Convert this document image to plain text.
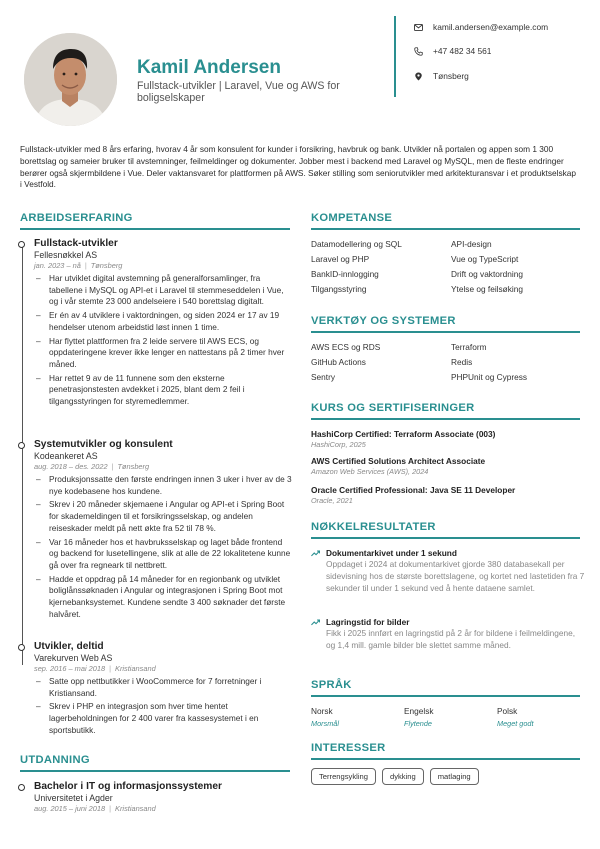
Kamil Andersen
Fullstack-utvikler | Laravel, Vue og AWS for boligselskaper
kamil.andersen@example.com
+47 482 34 561
Tønsberg
Fullstack-utvikler med 8 års erfaring, hvorav 4 år som konsulent for kunder i forsikring, havbruk og bank. Utvikler nå portalen og appen som 1 300 borettslag og sameier bruker til avstemninger, feilmeldinger og dokumenter. Jobber mest i backend med Laravel og MySQL, men de fleste endringer berører også skjermbildene i Vue. Deler vaktansvaret for plattformen på AWS. Søker stilling som seniorutvikler med arkitekturansvar i et produktselskap i Vestfold.
ARBEIDSERFARING
Fullstack-utvikler
Fellesnøkkel AS
jan. 2023 – nå | Tønsberg
– Har utviklet digital avstemning på generalforsamlinger, fra tabellene i MySQL og API-et i Laravel til stemmeseddelen i Vue, og i vår stemte 23 000 andelseiere i 540 borettslag digitalt.
– Er én av 4 utviklere i vaktordningen, og siden 2024 er 17 av 19 hendelser utenom arbeidstid løst innen 1 time.
– Har flyttet plattformen fra 2 leide servere til AWS ECS, og oppdateringene krever ikke lenger en nattestans på 2 timer hver måned.
– Har rettet 9 av de 11 funnene som den eksterne penetrasjonstesten avdekket i 2025, blant dem 2 feil i tilgangsstyringen for styremedlemmer.
Systemutvikler og konsulent
Kodeankeret AS
aug. 2018 – des. 2022 | Tønsberg
– Produksjonssatte den første endringen innen 3 uker i hver av de 3 nye kodebasene hos kundene.
– Skrev i 20 måneder skjemaene i Angular og API-et i Spring Boot for skademeldingen til et forsikringsselskap, og andelen reiseskader meldt på nett økte fra 52 til 78 %.
– Var 16 måneder hos et havbruksselskap og laget både frontend og backend for lusetellingene, slik at alle de 22 lokalitetene kunne gå over fra regneark til nettbrett.
– Hadde et oppdrag på 14 måneder for en regionbank og utviklet boliglånssøknaden i Angular og integrasjonen i Spring Boot mot kjernebanksystemet. Kundene sendte 3 400 søknader det første halvåret.
Utvikler, deltid
Varekurven Web AS
sep. 2016 – mai 2018 | Kristiansand
– Satte opp nettbutikker i WooCommerce for 7 forretninger i Kristiansand.
– Skrev i PHP en integrasjon som hver time hentet lagerbeholdningen for 2 400 varer fra kassesystemet i en sportsbutikk.
UTDANNING
Bachelor i IT og informasjonssystemer
Universitetet i Agder
aug. 2015 – juni 2018 | Kristiansand
KOMPETANSE
Datamodellering og SQL	API-design
Laravel og PHP	Vue og TypeScript
BankID-innlogging	Drift og vaktordning
Tilgangsstyring	Ytelse og feilsøking
VERKTØY OG SYSTEMER
AWS ECS og RDS	Terraform
GitHub Actions	Redis
Sentry	PHPUnit og Cypress
KURS OG SERTIFISERINGER
HashiCorp Certified: Terraform Associate (003)
HashiCorp, 2025
AWS Certified Solutions Architect Associate
Amazon Web Services (AWS), 2024
Oracle Certified Professional: Java SE 11 Developer
Oracle, 2021
NØKKELRESULTATER
Dokumentarkivet under 1 sekund
Oppdaget i 2024 at dokumentarkivet gjorde 380 databasekall per sidevisning hos de største borettslagene, og kortet ned lastetiden fra 7 sekunder til under 1 sekund ved å hente dataene samlet.
Lagringstid for bilder
Fikk i 2025 innført en lagringstid på 2 år for bildene i feilmeldingene, og 1,4 mill. gamle bilder ble slettet samme måned.
SPRÅK
Norsk
Morsmål
Engelsk
Flytende
Polsk
Meget godt
INTERESSER
Terrengsykling	dykking	matlaging
